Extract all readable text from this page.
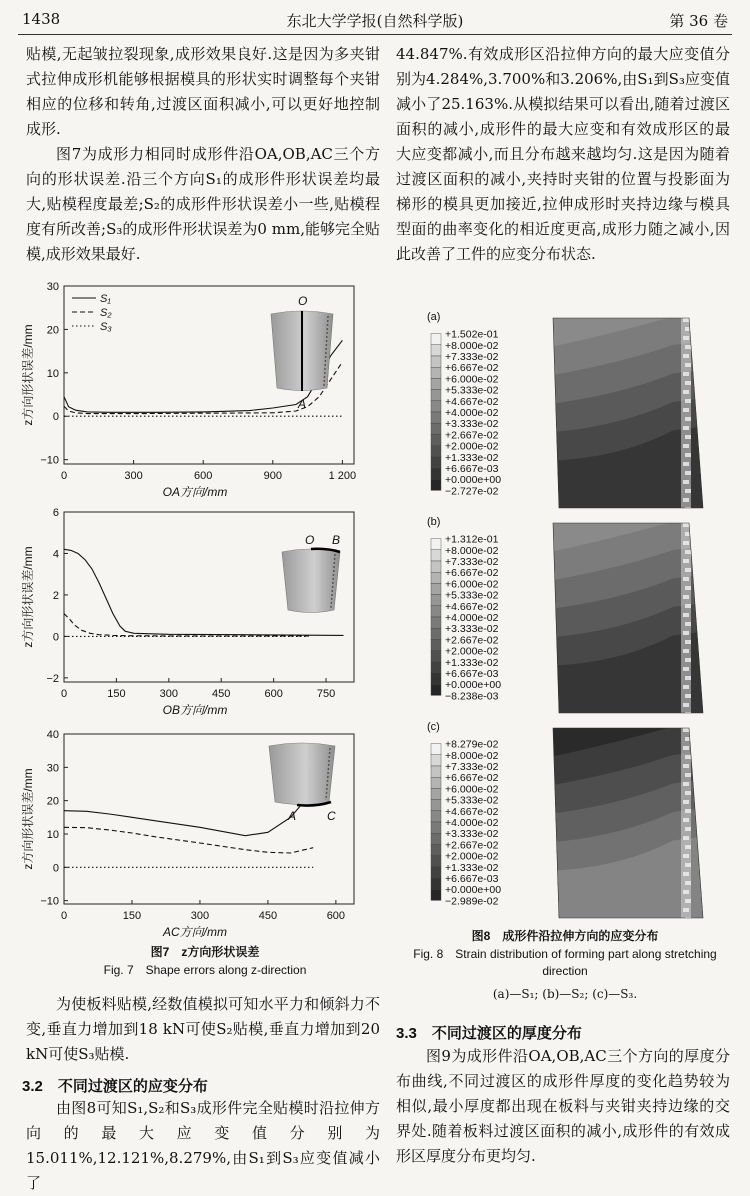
1438	东北大学学报(自然科学版)	第 36 卷

贴模,无起皱拉裂现象,成形效果良好.这是因为多夹钳式拉伸成形机能够根据模具的形状实时调整每个夹钳相应的位移和转角,过渡区面积减小,可以更好地控制成形.

图7为成形力相同时成形件沿OA,OB,AC三个方向的形状误差.沿三个方向S₁的成形件形状误差均最大,贴模程度最差;S₂的成形件形状误差小一些,贴模程度有所改善;S₃的成形件形状误差为0 mm,能够完全贴模,成形效果最好.

0	300	600	900	1 200
−10
0
10
20
30
OA方向/mm
z方向形状误差/mm
S₁
S₂
S₃
O
A
0	150	300	450	600	750
−2
0
2
4
6
OB方向/mm
z方向形状误差/mm
O B
0	150	300	450	600
−10
0
10
20
30
40
AC方向/mm
z方向形状误差/mm	A	C
图7　z方向形状误差
Fig. 7　Shape errors along z-direction

为使板料贴模,经数值模拟可知水平力和倾斜力不变,垂直力增加到18 kN可使S₂贴模,垂直力增加到20 kN可使S₃贴模.

3.2　不同过渡区的应变分布

由图8可知S₁,S₂和S₃成形件完全贴模时沿拉伸方向的最大应变值分别为15.011%,12.121%,8.279%,由S₁到S₃应变值减小了

44.847%.有效成形区沿拉伸方向的最大应变值分别为4.284%,3.700%和3.206%,由S₁到S₃应变值减小了25.163%.从模拟结果可以看出,随着过渡区面积的减小,成形件的最大应变和有效成形区的最大应变都减小,而且分布越来越均匀.这是因为随着过渡区面积的减小,夹持时夹钳的位置与投影面为梯形的模具更加接近,拉伸成形时夹持边缘与模具型面的曲率变化的相近度更高,成形力随之减小,因此改善了工件的应变分布状态.

(a)
+1.502e-01
+8.000e-02
+7.333e-02
+6.667e-02
+6.000e-02
+5.333e-02
+4.667e-02
+4.000e-02
+3.333e-02
+2.667e-02
+2.000e-02
+1.333e-02
+6.667e-03
+0.000e+00
−2.727e-02
(b)
+1.312e-01
+8.000e-02
+7.333e-02
+6.667e-02
+6.000e-02
+5.333e-02
+4.667e-02
+4.000e-02
+3.333e-02
+2.667e-02
+2.000e-02
+1.333e-02
+6.667e-03
+0.000e+00
−8.238e-03
(c)
+8.279e-02
+8.000e-02
+7.333e-02
+6.667e-02
+6.000e-02
+5.333e-02
+4.667e-02
+4.000e-02
+3.333e-02
+2.667e-02
+2.000e-02
+1.333e-02
+6.667e-03
+0.000e+00
−2.989e-02
图8　成形件沿拉伸方向的应变分布
Fig. 8　Strain distribution of forming part along stretching direction
(a)—S₁; (b)—S₂; (c)—S₃.
3.3　不同过渡区的厚度分布

图9为成形件沿OA,OB,AC三个方向的厚度分布曲线,不同过渡区的成形件厚度的变化趋势较为相似,最小厚度都出现在板料与夹钳夹持边缘的交界处.随着板料过渡区面积的减小,成形件的有效成形区厚度分布更均匀.
